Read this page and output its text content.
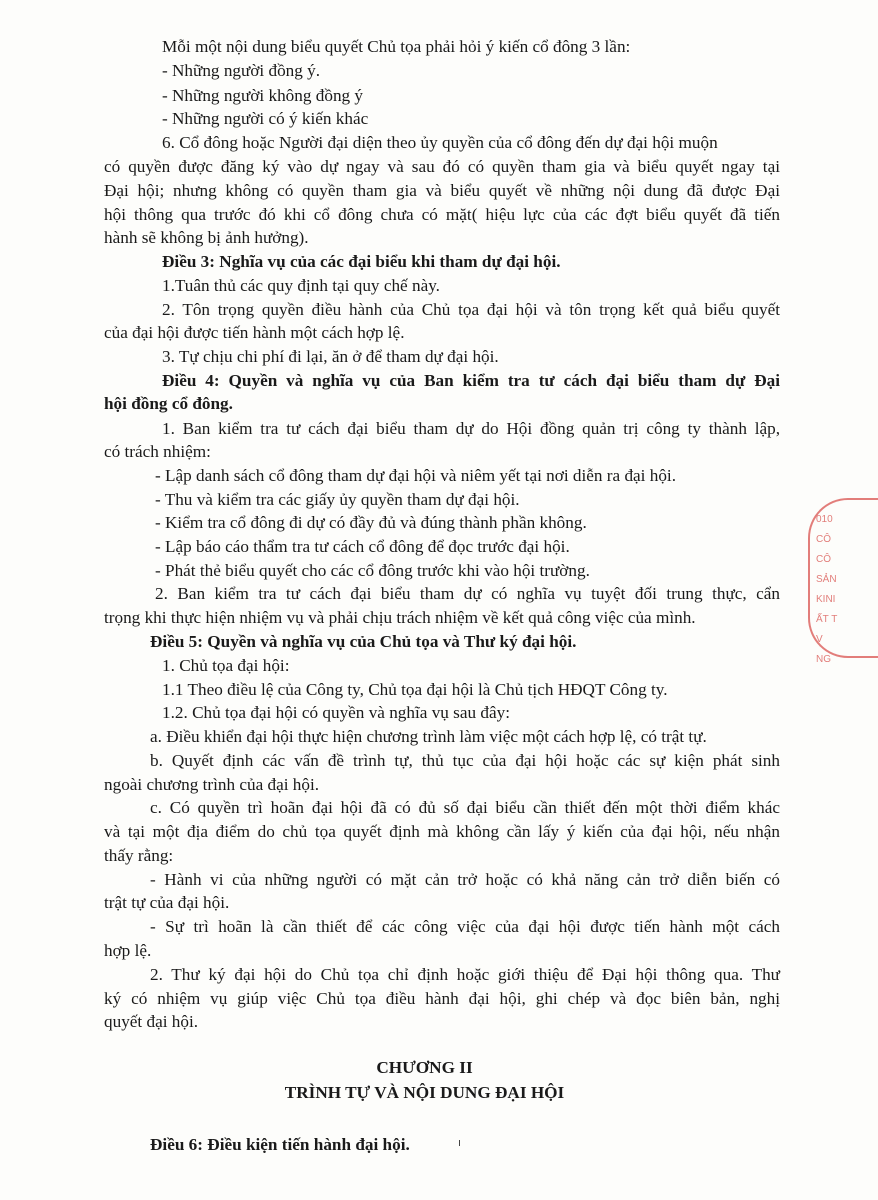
Mỗi một nội dung biểu quyết Chủ tọa phải hỏi ý kiến cổ đông 3 lần:
- Những người đồng ý.
- Những người không đồng ý
- Những người có ý kiến khác
6. Cổ đông hoặc Người đại diện theo ủy quyền của cổ đông đến dự đại hội muộn
có quyền được đăng ký vào dự ngay và sau đó có quyền tham gia và biểu quyết ngay tại
Đại hội; nhưng không có quyền tham gia và biểu quyết về những nội dung đã được Đại
hội thông qua trước đó khi cổ đông chưa có mặt( hiệu lực của các đợt biểu quyết đã tiến
hành sẽ không bị ảnh hưởng).
Điều 3: Nghĩa vụ của các đại biểu khi tham dự đại hội.
1.Tuân thủ các quy định tại quy chế này.
2. Tôn trọng quyền điều hành của Chủ tọa đại hội và tôn trọng kết quả biểu quyết
của đại hội được tiến hành một cách hợp lệ.
3. Tự chịu chi phí đi lại, ăn ở để tham dự đại hội.
Điều 4: Quyền và nghĩa vụ của Ban kiểm tra tư cách đại biểu tham dự Đại
hội đồng cổ đông.
1. Ban kiểm tra tư cách đại biểu tham dự do Hội đồng quản trị công ty thành lập,
có trách nhiệm:
- Lập danh sách cổ đông tham dự đại hội và niêm yết tại nơi diễn ra đại hội.
- Thu và kiểm tra các giấy ủy quyền tham dự đại hội.
- Kiểm tra cổ đông đi dự có đầy đủ và đúng thành phần không.
- Lập báo cáo thẩm tra tư cách cổ đông để đọc trước đại hội.
- Phát thẻ biểu quyết cho các cổ đông trước khi vào hội trường.
2. Ban kiểm tra tư cách đại biểu tham dự có nghĩa vụ tuyệt đối trung thực, cẩn
trọng khi thực hiện nhiệm vụ và phải chịu trách nhiệm về kết quả công việc của mình.
Điều 5: Quyền và nghĩa vụ của Chủ tọa và Thư ký đại hội.
1. Chủ tọa đại hội:
1.1 Theo điều lệ của Công ty, Chủ tọa đại hội là Chủ tịch HĐQT Công ty.
1.2. Chủ tọa đại hội có quyền và nghĩa vụ sau đây:
a. Điều khiển đại hội thực hiện chương trình làm việc một cách hợp lệ, có trật tự.
b. Quyết định các vấn đề trình tự, thủ tục của đại hội hoặc các sự kiện phát sinh
ngoài chương trình của đại hội.
c. Có quyền trì hoãn đại hội đã có đủ số đại biểu cần thiết đến một thời điểm khác
và tại một địa điểm do chủ tọa quyết định mà không cần lấy ý kiến của đại hội, nếu nhận
thấy rằng:
- Hành vi của những người có mặt cản trở hoặc có khả năng cản trở diễn biến có
trật tự của đại hội.
- Sự trì hoãn là cần thiết để các công việc của đại hội được tiến hành một cách
hợp lệ.
2. Thư ký đại hội do Chủ tọa chỉ định hoặc giới thiệu để Đại hội thông qua. Thư
ký có nhiệm vụ giúp việc Chủ tọa điều hành đại hội, ghi chép và đọc biên bản, nghị
quyết đại hội.
CHƯƠNG II
TRÌNH TỰ VÀ NỘI DUNG ĐẠI HỘI
Điều 6: Điều kiện tiến hành đại hội.
010
CÔ
CÔ
SẢN
KINI
ẤT T
V
NG
